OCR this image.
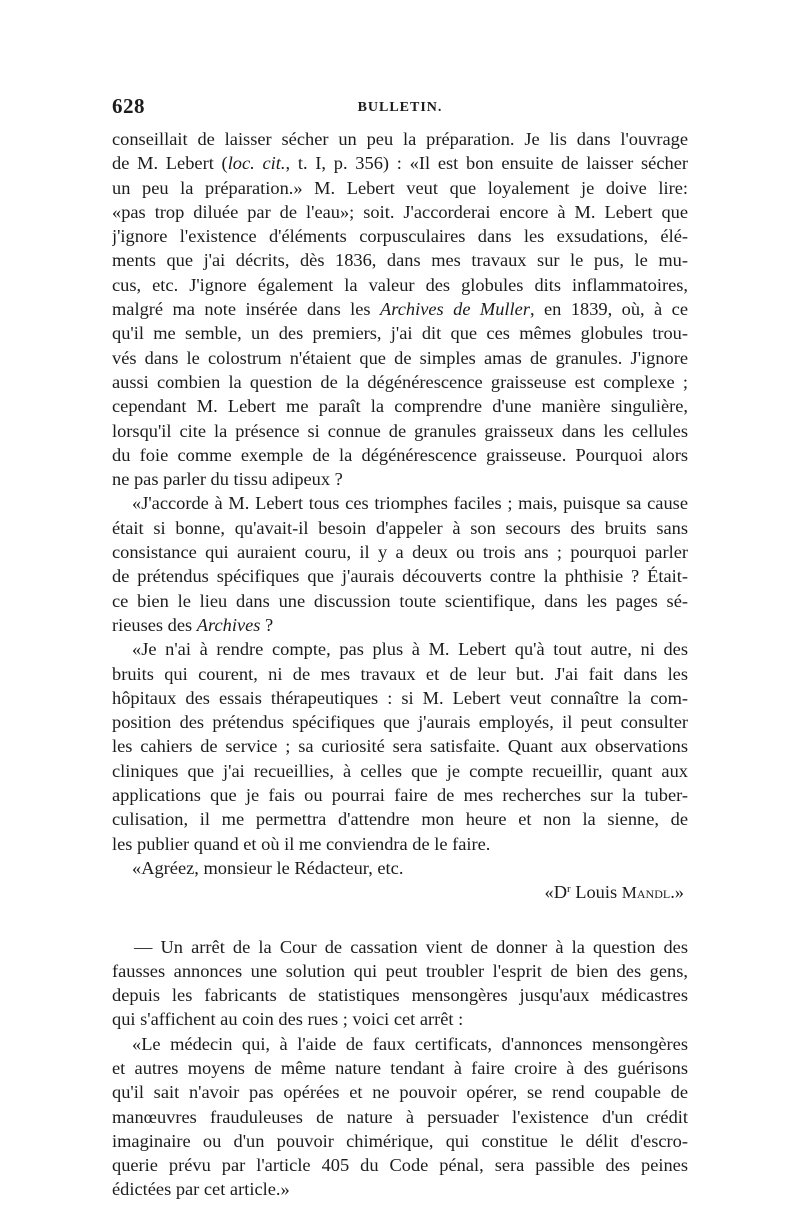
628	BULLETIN.
conseillait de laisser sécher un peu la préparation. Je lis dans l'ouvrage
de M. Lebert (loc. cit., t. I, p. 356) : «Il est bon ensuite de laisser sécher
un peu la préparation.» M. Lebert veut que loyalement je doive lire:
«pas trop diluée par de l'eau»; soit. J'accorderai encore à M. Lebert que
j'ignore l'existence d'éléments corpusculaires dans les exsudations, élé-
ments que j'ai décrits, dès 1836, dans mes travaux sur le pus, le mu-
cus, etc. J'ignore également la valeur des globules dits inflammatoires,
malgré ma note insérée dans les Archives de Muller, en 1839, où, à ce
qu'il me semble, un des premiers, j'ai dit que ces mêmes globules trou-
vés dans le colostrum n'étaient que de simples amas de granules. J'ignore
aussi combien la question de la dégénérescence graisseuse est complexe ;
cependant M. Lebert me paraît la comprendre d'une manière singulière,
lorsqu'il cite la présence si connue de granules graisseux dans les cellules
du foie comme exemple de la dégénérescence graisseuse. Pourquoi alors
ne pas parler du tissu adipeux ?
«J'accorde à M. Lebert tous ces triomphes faciles ; mais, puisque sa cause
était si bonne, qu'avait-il besoin d'appeler à son secours des bruits sans
consistance qui auraient couru, il y a deux ou trois ans ; pourquoi parler
de prétendus spécifiques que j'aurais découverts contre la phthisie ? Était-
ce bien le lieu dans une discussion toute scientifique, dans les pages sé-
rieuses des Archives ?
«Je n'ai à rendre compte, pas plus à M. Lebert qu'à tout autre, ni des
bruits qui courent, ni de mes travaux et de leur but. J'ai fait dans les
hôpitaux des essais thérapeutiques : si M. Lebert veut connaître la com-
position des prétendus spécifiques que j'aurais employés, il peut consulter
les cahiers de service ; sa curiosité sera satisfaite. Quant aux observations
cliniques que j'ai recueillies, à celles que je compte recueillir, quant aux
applications que je fais ou pourrai faire de mes recherches sur la tuber-
culisation, il me permettra d'attendre mon heure et non la sienne, de
les publier quand et où il me conviendra de le faire.
«Agréez, monsieur le Rédacteur, etc.
«$D^r$ Louis Mandl.»
— Un arrêt de la Cour de cassation vient de donner à la question des
fausses annonces une solution qui peut troubler l'esprit de bien des gens,
depuis les fabricants de statistiques mensongères jusqu'aux médicastres
qui s'affichent au coin des rues ; voici cet arrêt :
«Le médecin qui, à l'aide de faux certificats, d'annonces mensongères
et autres moyens de même nature tendant à faire croire à des guérisons
qu'il sait n'avoir pas opérées et ne pouvoir opérer, se rend coupable de
manœuvres frauduleuses de nature à persuader l'existence d'un crédit
imaginaire ou d'un pouvoir chimérique, qui constitue le délit d'escro-
querie prévu par l'article 405 du Code pénal, sera passible des peines
édictées par cet article.»
